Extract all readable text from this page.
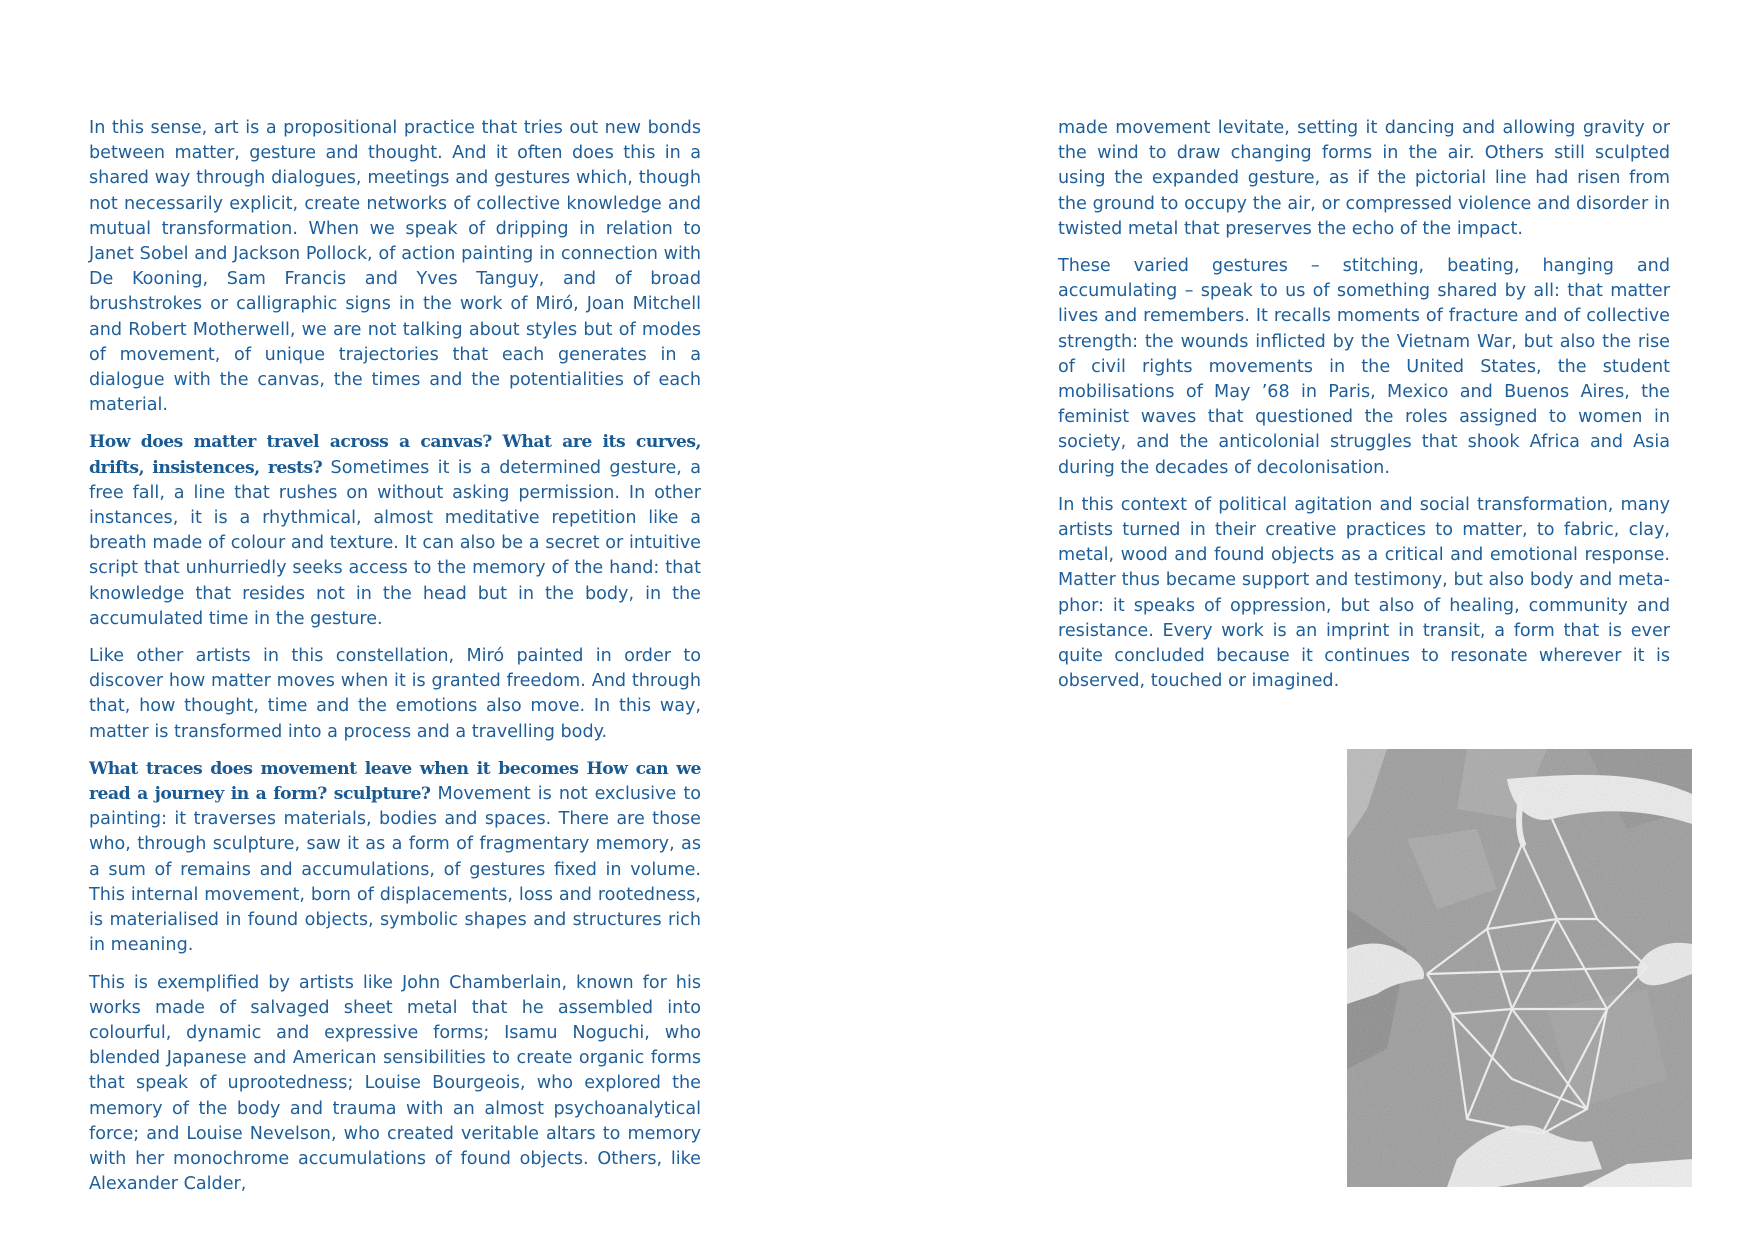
In this sense, art is a propositional practice that tries out new bonds between matter, gesture and thought. And it often does this in a shared way through dialogues, meetings and gestures which, though not necessarily explicit, create networks of collective knowledge and mutual transformation. When we speak of dripping in relation to Janet Sobel and Jackson Pollock, of action painting in connection with De Kooning, Sam Francis and Yves Tanguy, and of broad brushstrokes or calligraphic signs in the work of Miró, Joan Mitchell and Robert Motherwell, we are not talking about styles but of modes of movement, of unique trajectories that each generates in a dialogue with the canvas, the times and the potentialities of each material.

How does matter travel across a canvas? What are its curves, drifts, insistences, rests? Sometimes it is a determined gesture, a free fall, a line that rushes on without asking permission. In other instances, it is a rhythmical, almost meditative repetition like a breath made of colour and texture. It can also be a secret or intuitive script that unhurriedly seeks access to the memory of the hand: that knowledge that resides not in the head but in the body, in the accumulated time in the gesture.

Like other artists in this constellation, Miró painted in order to discover how matter moves when it is granted freedom. And through that, how thought, time and the emotions also move. In this way, matter is transformed into a process and a travelling body.

What traces does movement leave when it becomes How can we read a journey in a form? sculpture? Movement is not exclusive to painting: it traverses materials, bodies and spaces. There are those who, through sculpture, saw it as a form of fragmentary memory, as a sum of remains and accumulations, of gestures fixed in volume. This internal movement, born of displacements, loss and rootedness, is materialised in found objects, symbolic shapes and structures rich in meaning.

This is exemplified by artists like John Chamberlain, known for his works made of salvaged sheet metal that he assembled into colourful, dynamic and expressive forms; Isamu Noguchi, who blended Japanese and American sensibilities to create organic forms that speak of uprootedness; Louise Bourgeois, who explored the memory of the body and trauma with an almost psychoanalytical force; and Louise Nevelson, who created veritable altars to memory with her monochrome accumulations of found objects. Others, like Alexander Calder,

made movement levitate, setting it dancing and allowing gravity or the wind to draw changing forms in the air. Others still sculpted using the expanded gesture, as if the pictorial line had risen from the ground to occupy the air, or compressed violence and disorder in twisted metal that preserves the echo of the impact.

These varied gestures – stitching, beating, hanging and accumulating – speak to us of something shared by all: that matter lives and remembers. It recalls moments of fracture and of collective strength: the wounds inflicted by the Vietnam War, but also the rise of civil rights movements in the United States, the student mobilisations of May ’68 in Paris, Mexico and Buenos Aires, the feminist waves that questioned the roles assigned to women in society, and the anticolonial struggles that shook Africa and Asia during the decades of decolonisation.

In this context of political agitation and social transformation, many artists turned in their creative practices to matter, to fabric, clay, metal, wood and found objects as a critical and emotional response. Matter thus became support and testimony, but also body and metaphor: it speaks of oppression, but also of healing, community and resistance. Every work is an imprint in transit, a form that is ever quite concluded because it continues to resonate wherever it is observed, touched or imagined.
